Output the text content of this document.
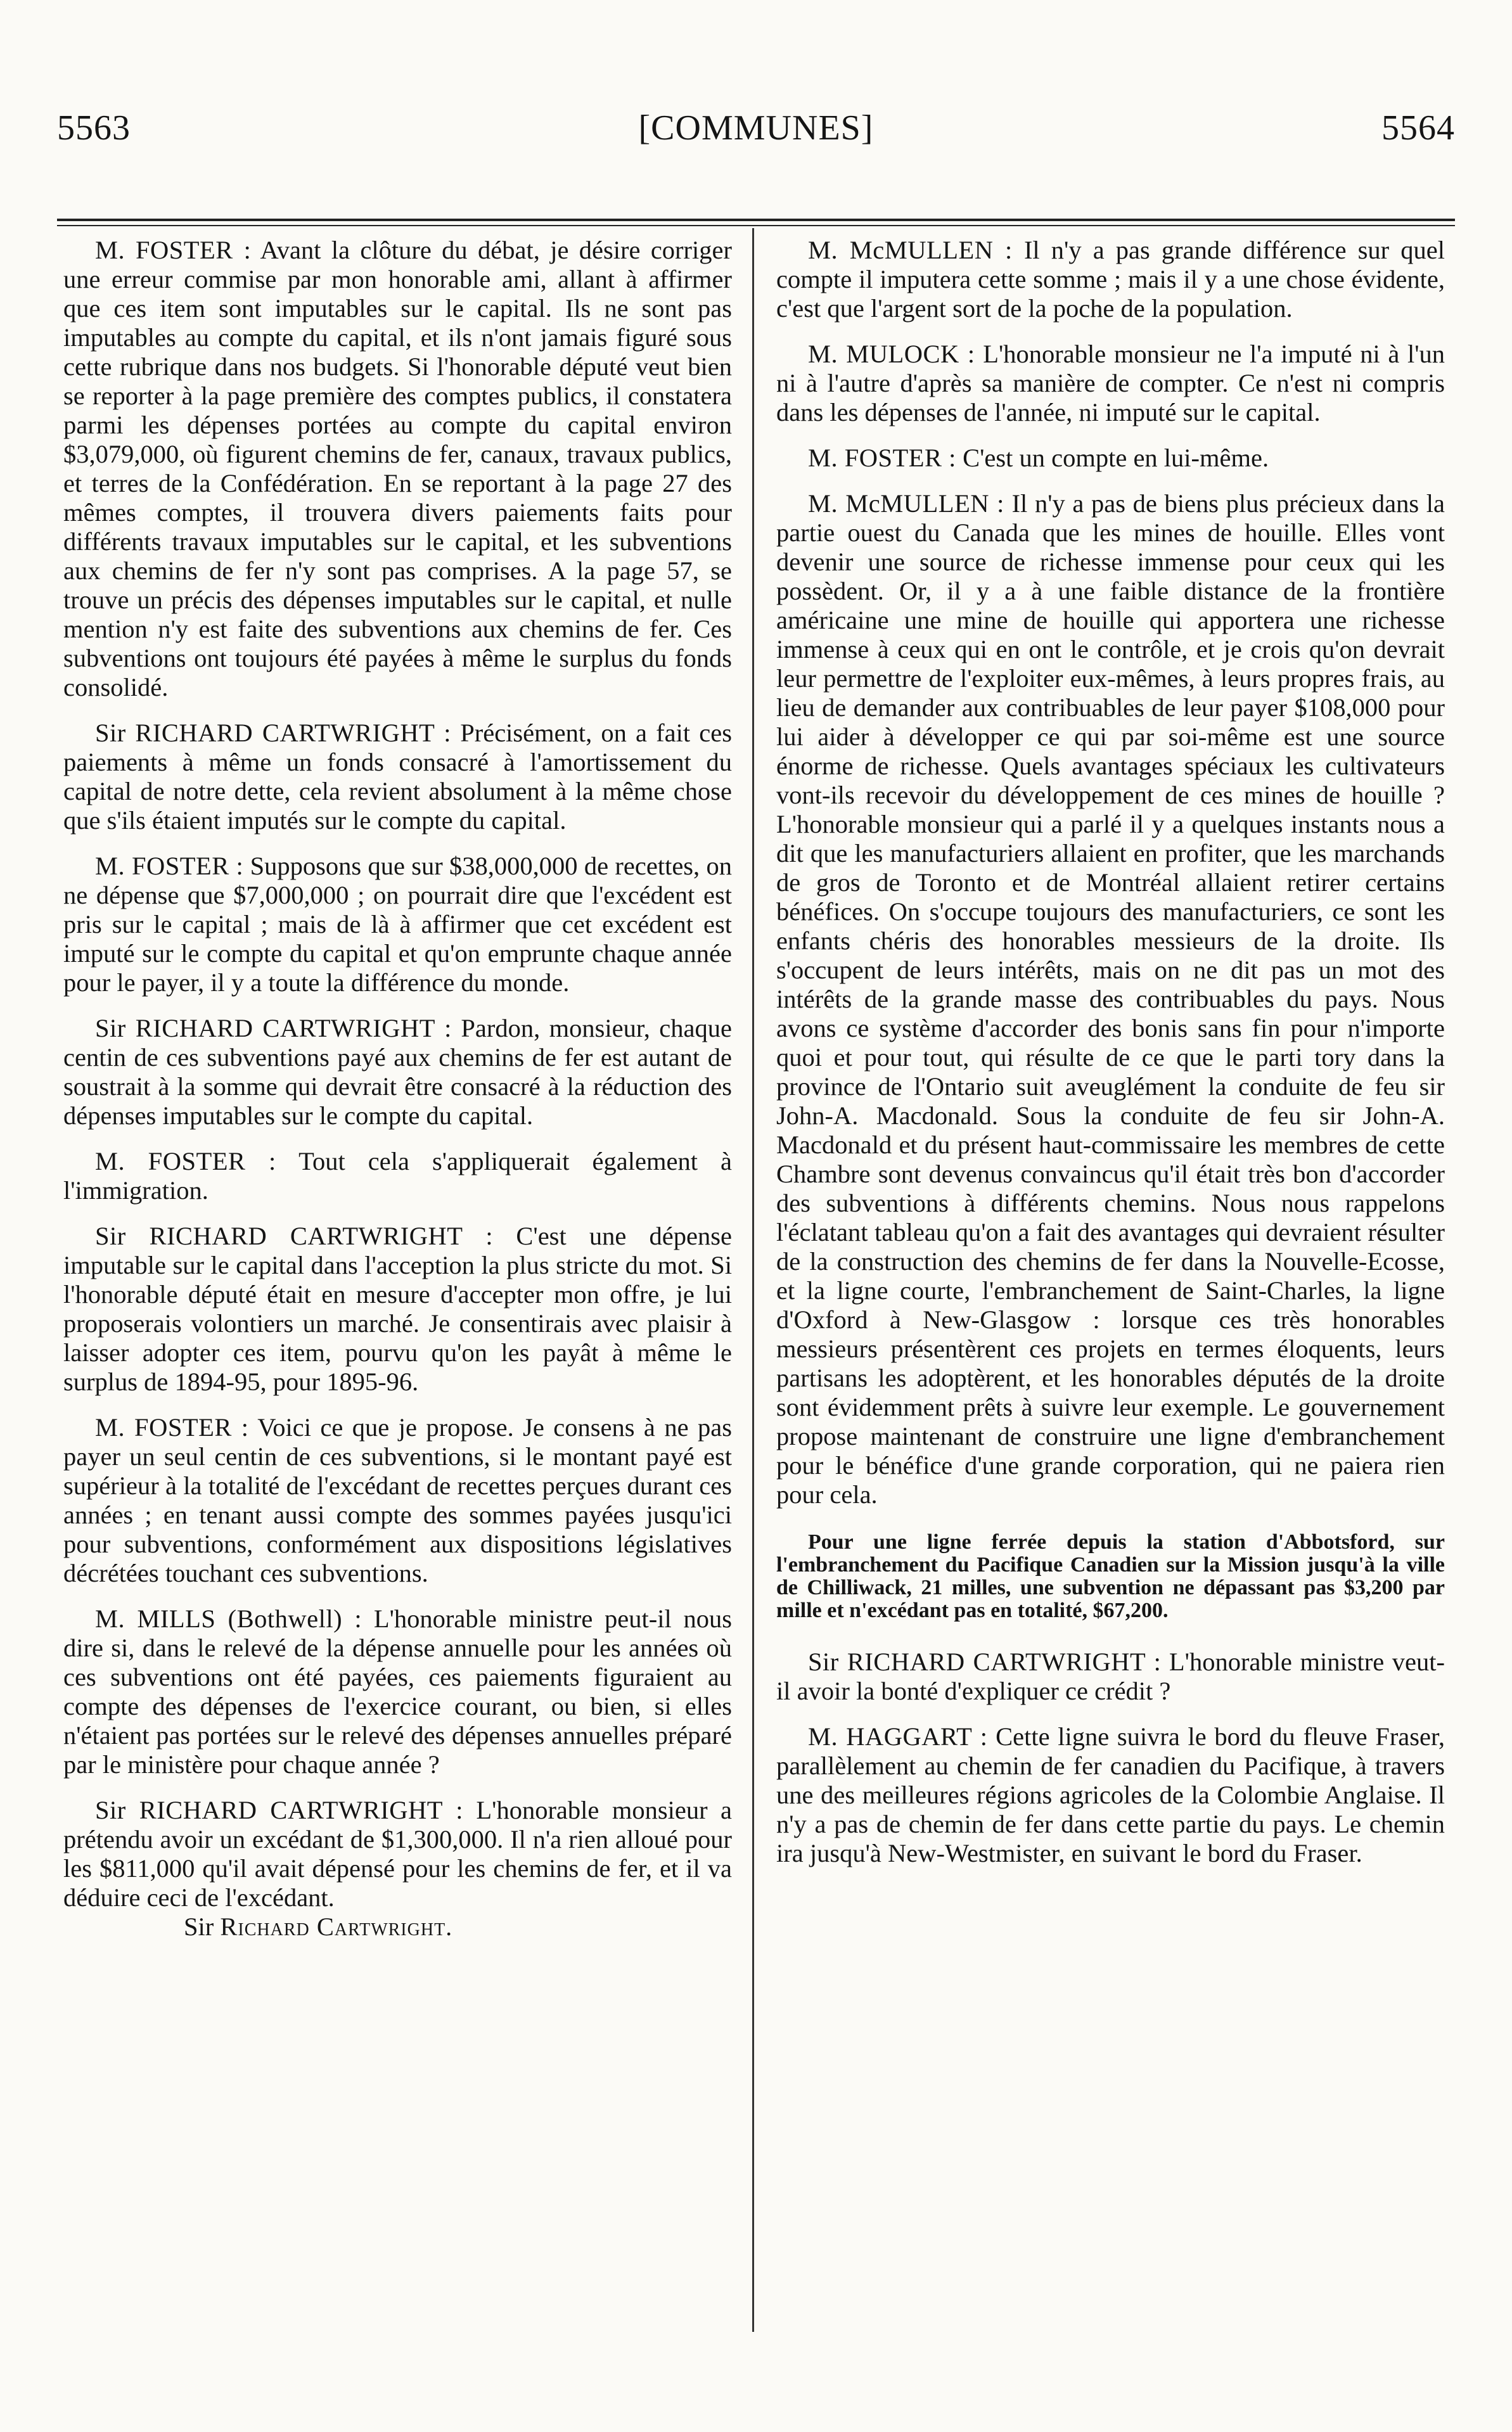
5563	[COMMUNES]	5564

M. FOSTER : Avant la clôture du débat, je désire corriger une erreur commise par mon honorable ami, allant à affirmer que ces item sont imputables sur le capital. Ils ne sont pas imputables au compte du capital, et ils n'ont jamais figuré sous cette rubrique dans nos budgets. Si l'honorable député veut bien se reporter à la page première des comptes publics, il constatera parmi les dépenses portées au compte du capital environ $3,079,000, où figurent chemins de fer, canaux, travaux publics, et terres de la Confédération. En se reportant à la page 27 des mêmes comptes, il trouvera divers paiements faits pour différents travaux imputables sur le capital, et les subventions aux chemins de fer n'y sont pas comprises. A la page 57, se trouve un précis des dépenses imputables sur le capital, et nulle mention n'y est faite des subventions aux chemins de fer. Ces subventions ont toujours été payées à même le surplus du fonds consolidé.

Sir RICHARD CARTWRIGHT : Précisément, on a fait ces paiements à même un fonds consacré à l'amortissement du capital de notre dette, cela revient absolument à la même chose que s'ils étaient imputés sur le compte du capital.

M. FOSTER : Supposons que sur $38,000,000 de recettes, on ne dépense que $7,000,000 ; on pourrait dire que l'excédent est pris sur le capital ; mais de là à affirmer que cet excédent est imputé sur le compte du capital et qu'on emprunte chaque année pour le payer, il y a toute la différence du monde.

Sir RICHARD CARTWRIGHT : Pardon, monsieur, chaque centin de ces subventions payé aux chemins de fer est autant de soustrait à la somme qui devrait être consacré à la réduction des dépenses imputables sur le compte du capital.

M. FOSTER : Tout cela s'appliquerait également à l'immigration.

Sir RICHARD CARTWRIGHT : C'est une dépense imputable sur le capital dans l'acception la plus stricte du mot. Si l'honorable député était en mesure d'accepter mon offre, je lui proposerais volontiers un marché. Je consentirais avec plaisir à laisser adopter ces item, pourvu qu'on les payât à même le surplus de 1894-95, pour 1895-96.

M. FOSTER : Voici ce que je propose. Je consens à ne pas payer un seul centin de ces subventions, si le montant payé est supérieur à la totalité de l'excédant de recettes perçues durant ces années ; en tenant aussi compte des sommes payées jusqu'ici pour subventions, conformément aux dispositions législatives décrétées touchant ces subventions.

M. MILLS (Bothwell) : L'honorable ministre peut-il nous dire si, dans le relevé de la dépense annuelle pour les années où ces subventions ont été payées, ces paiements figuraient au compte des dépenses de l'exercice courant, ou bien, si elles n'étaient pas portées sur le relevé des dépenses annuelles préparé par le ministère pour chaque année ?

Sir RICHARD CARTWRIGHT : L'honorable monsieur a prétendu avoir un excédant de $1,300,000. Il n'a rien alloué pour les $811,000 qu'il avait dépensé pour les chemins de fer, et il va déduire ceci de l'excédant.

Sir Richard Cartwright.

M. McMULLEN : Il n'y a pas grande différence sur quel compte il imputera cette somme ; mais il y a une chose évidente, c'est que l'argent sort de la poche de la population.

M. MULOCK : L'honorable monsieur ne l'a imputé ni à l'un ni à l'autre d'après sa manière de compter. Ce n'est ni compris dans les dépenses de l'année, ni imputé sur le capital.

M. FOSTER : C'est un compte en lui-même.

M. McMULLEN : Il n'y a pas de biens plus précieux dans la partie ouest du Canada que les mines de houille. Elles vont devenir une source de richesse immense pour ceux qui les possèdent. Or, il y a à une faible distance de la frontière américaine une mine de houille qui apportera une richesse immense à ceux qui en ont le contrôle, et je crois qu'on devrait leur permettre de l'exploiter eux-mêmes, à leurs propres frais, au lieu de demander aux contribuables de leur payer $108,000 pour lui aider à développer ce qui par soi-même est une source énorme de richesse. Quels avantages spéciaux les cultivateurs vont-ils recevoir du développement de ces mines de houille ? L'honorable monsieur qui a parlé il y a quelques instants nous a dit que les manufacturiers allaient en profiter, que les marchands de gros de Toronto et de Montréal allaient retirer certains bénéfices. On s'occupe toujours des manufacturiers, ce sont les enfants chéris des honorables messieurs de la droite. Ils s'occupent de leurs intérêts, mais on ne dit pas un mot des intérêts de la grande masse des contribuables du pays. Nous avons ce système d'accorder des bonis sans fin pour n'importe quoi et pour tout, qui résulte de ce que le parti tory dans la province de l'Ontario suit aveuglément la conduite de feu sir John-A. Macdonald. Sous la conduite de feu sir John-A. Macdonald et du présent haut-commissaire les membres de cette Chambre sont devenus convaincus qu'il était très bon d'accorder des subventions à différents chemins. Nous nous rappelons l'éclatant tableau qu'on a fait des avantages qui devraient résulter de la construction des chemins de fer dans la Nouvelle-Ecosse, et la ligne courte, l'embranchement de Saint-Charles, la ligne d'Oxford à New-Glasgow : lorsque ces très honorables messieurs présentèrent ces projets en termes éloquents, leurs partisans les adoptèrent, et les honorables députés de la droite sont évidemment prêts à suivre leur exemple. Le gouvernement propose maintenant de construire une ligne d'embranchement pour le bénéfice d'une grande corporation, qui ne paiera rien pour cela.

Pour une ligne ferrée depuis la station d'Abbotsford, sur l'embranchement du Pacifique Canadien sur la Mission jusqu'à la ville de Chilliwack, 21 milles, une subvention ne dépassant pas $3,200 par mille et n'excédant pas en totalité, $67,200.

Sir RICHARD CARTWRIGHT : L'honorable ministre veut-il avoir la bonté d'expliquer ce crédit ?

M. HAGGART : Cette ligne suivra le bord du fleuve Fraser, parallèlement au chemin de fer canadien du Pacifique, à travers une des meilleures régions agricoles de la Colombie Anglaise. Il n'y a pas de chemin de fer dans cette partie du pays. Le chemin ira jusqu'à New-Westmister, en suivant le bord du Fraser.
